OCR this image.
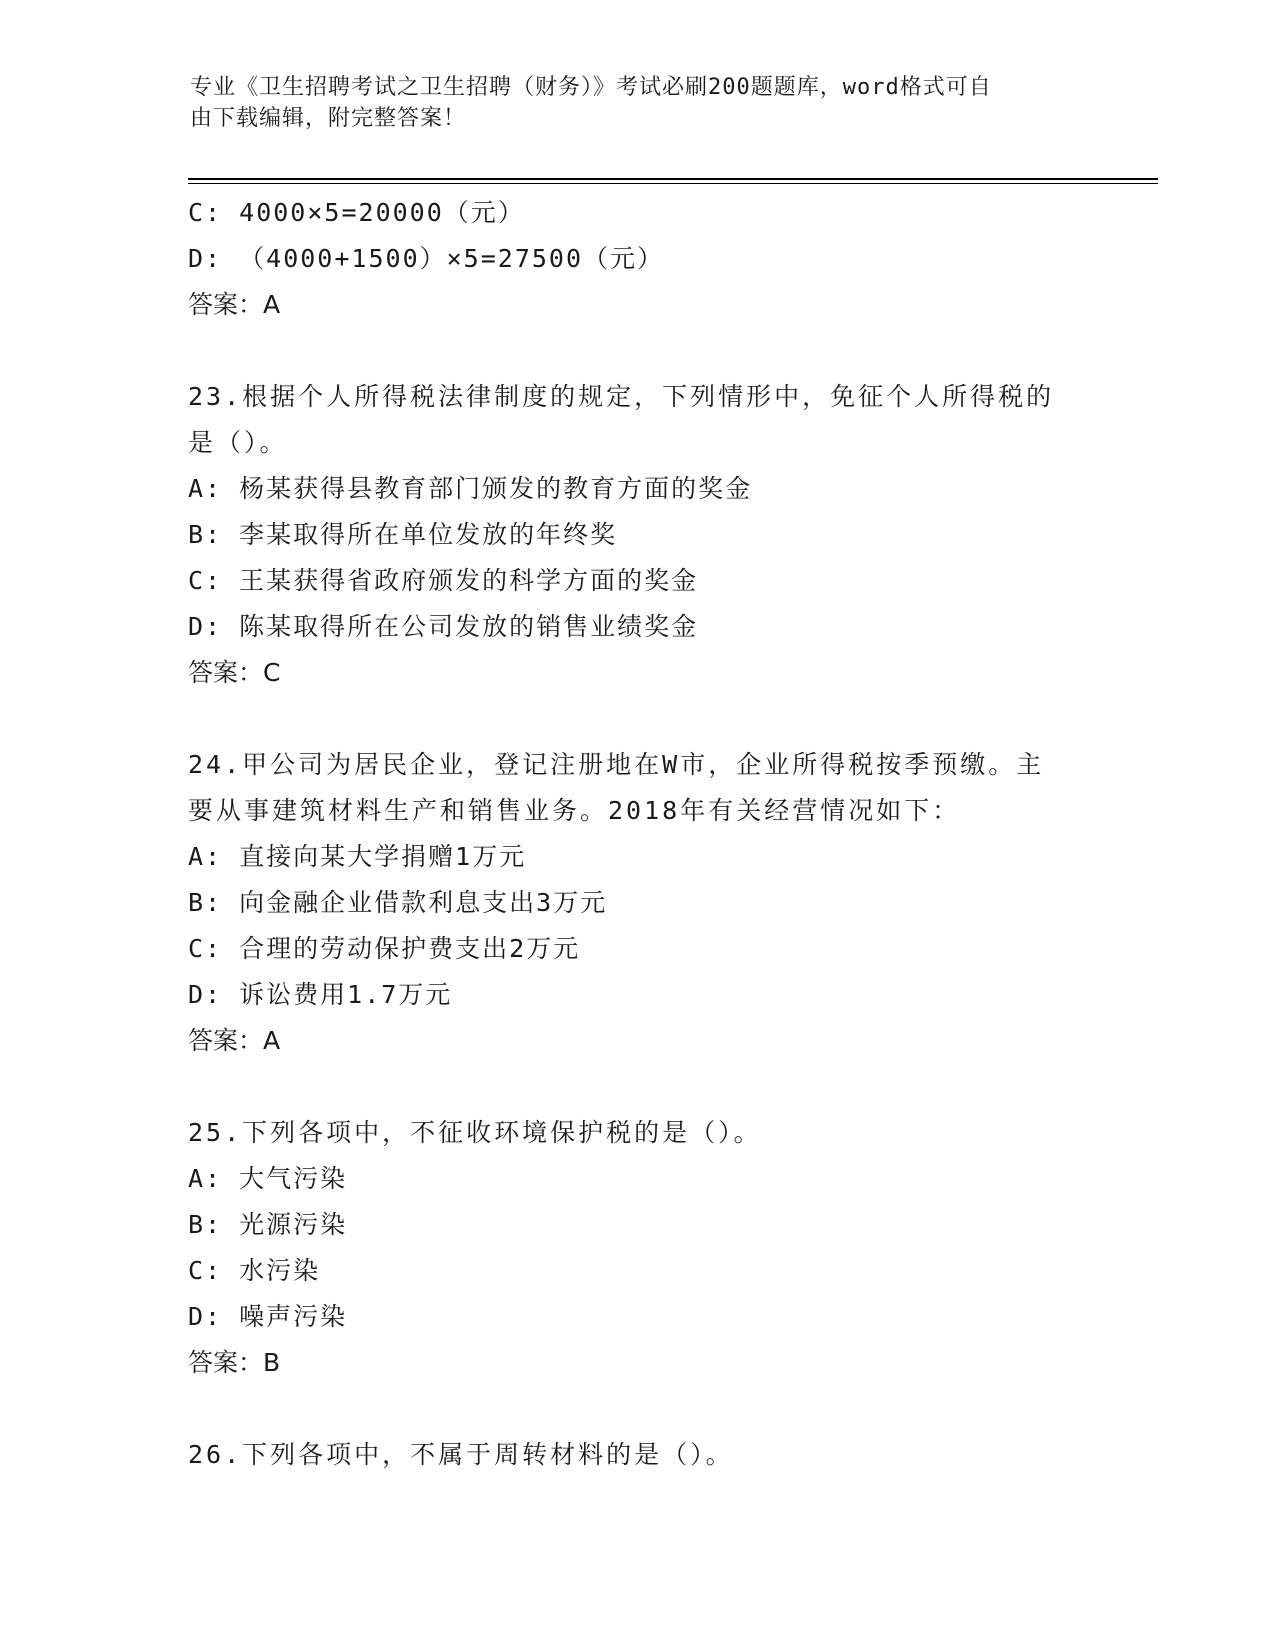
专业《卫生招聘考试之卫生招聘（财务）》考试必刷200题题库，word格式可自
由下载编辑，附完整答案！
C: 4000×5=20000（元）
D: （4000+1500）×5=27500（元）
答案：A
23.根据个人所得税法律制度的规定，下列情形中，免征个人所得税的
是（）。
A: 杨某获得县教育部门颁发的教育方面的奖金
B: 李某取得所在单位发放的年终奖
C: 王某获得省政府颁发的科学方面的奖金
D: 陈某取得所在公司发放的销售业绩奖金
答案：C
24.甲公司为居民企业，登记注册地在W市，企业所得税按季预缴。主
要从事建筑材料生产和销售业务。2018年有关经营情况如下：
A: 直接向某大学捐赠1万元
B: 向金融企业借款利息支出3万元
C: 合理的劳动保护费支出2万元
D: 诉讼费用1.7万元
答案：A
25.下列各项中，不征收环境保护税的是（）。
A: 大气污染
B: 光源污染
C: 水污染
D: 噪声污染
答案：B
26.下列各项中，不属于周转材料的是（）。
